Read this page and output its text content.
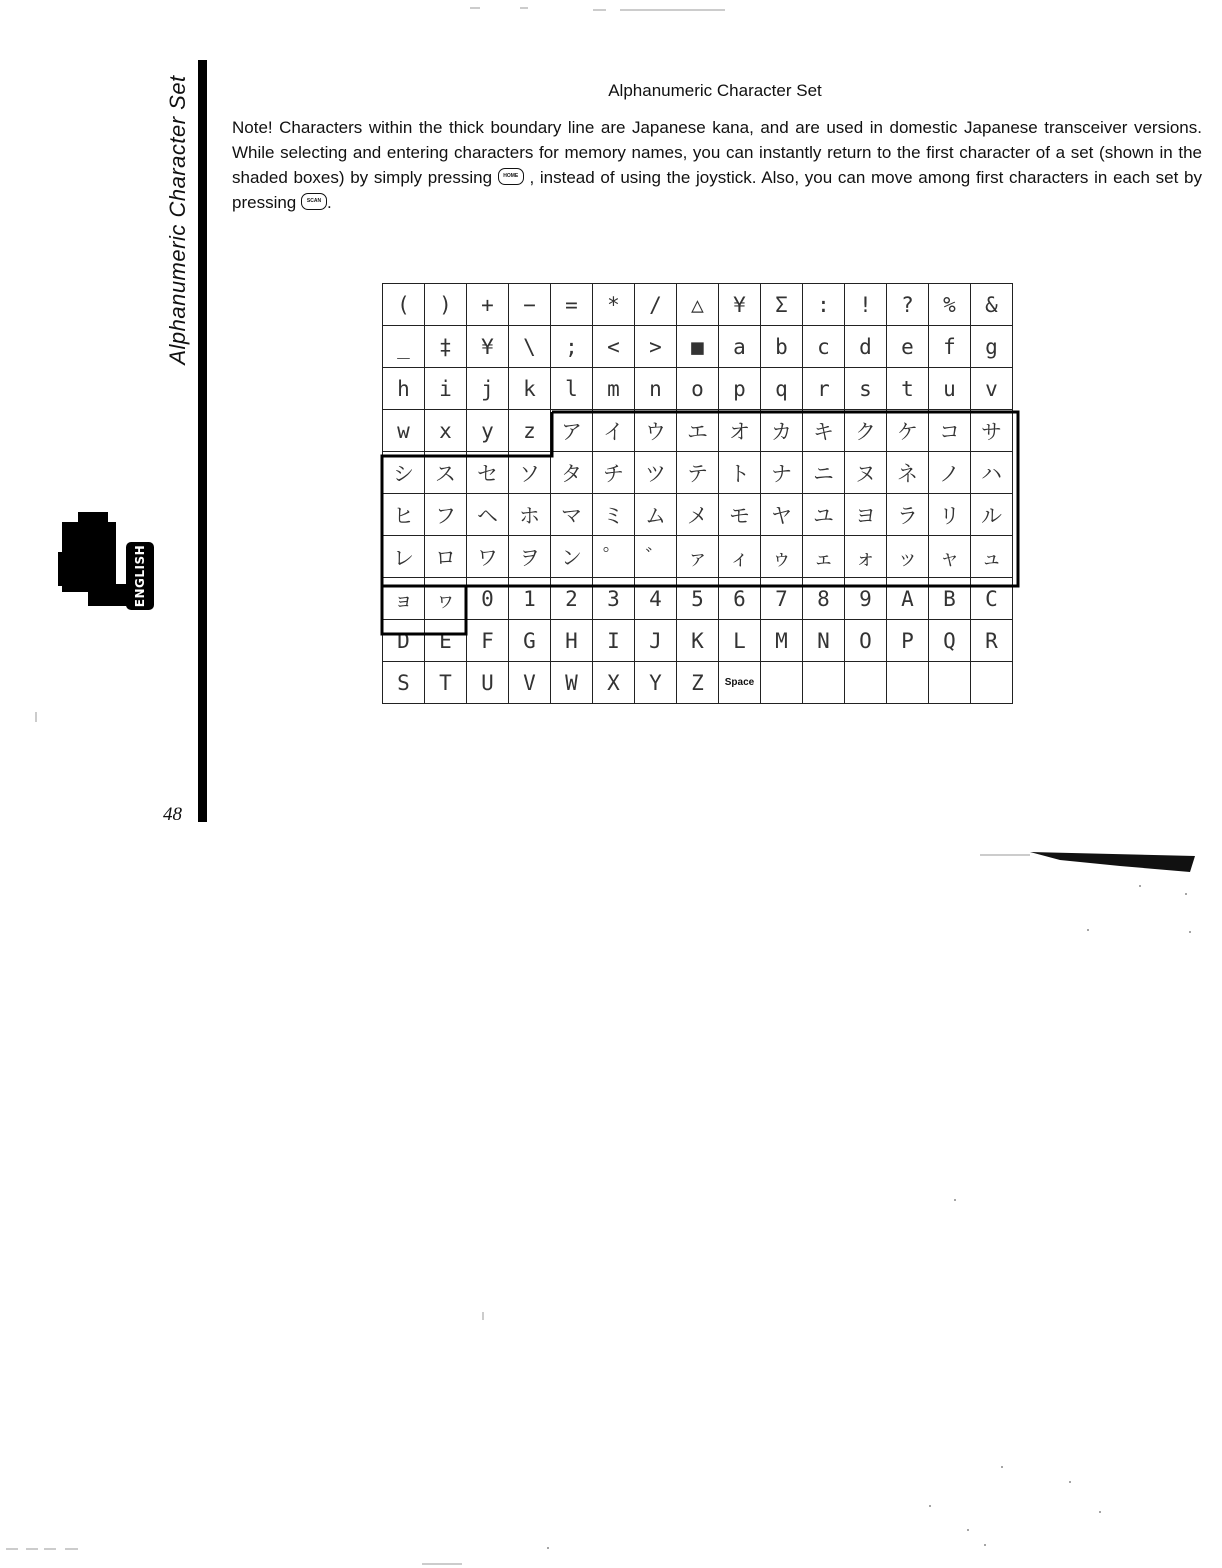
Alphanumeric Character Set
ENGLISH
48
Alphanumeric Character Set
Note! Characters within the thick boundary line are Japanese kana, and are used in domestic Japanese transceiver versions. While selecting and entering characters for memory names, you can instantly return to the first character of a set (shown in the shaded boxes) by simply pressing HOME , instead of using the joystick. Also, you can move among first characters in each set by pressing SCAN .
(	)	+	−	=	*	/	△	¥	Σ	:	!	?	%	&
_	‡	¥	\	;	<	>	■	a	b	c	d	e	f	g
h	i	j	k	l	m	n	o	p	q	r	s	t	u	v
w	x	y	z	ア	イ	ウ	エ	オ	カ	キ	ク	ケ	コ	サ
シ	ス	セ	ソ	タ	チ	ツ	テ	ト	ナ	ニ	ヌ	ネ	ノ	ハ
ヒ	フ	ヘ	ホ	マ	ミ	ム	メ	モ	ヤ	ユ	ヨ	ラ	リ	ル
レ	ロ	ワ	ヲ	ン	゜	゛	ァ	ィ	ゥ	ェ	ォ	ッ	ャ	ュ
ョ	ヮ	0	1	2	3	4	5	6	7	8	9	A	B	C
D	E	F	G	H	I	J	K	L	M	N	O	P	Q	R
S	T	U	V	W	X	Y	Z	Space						
